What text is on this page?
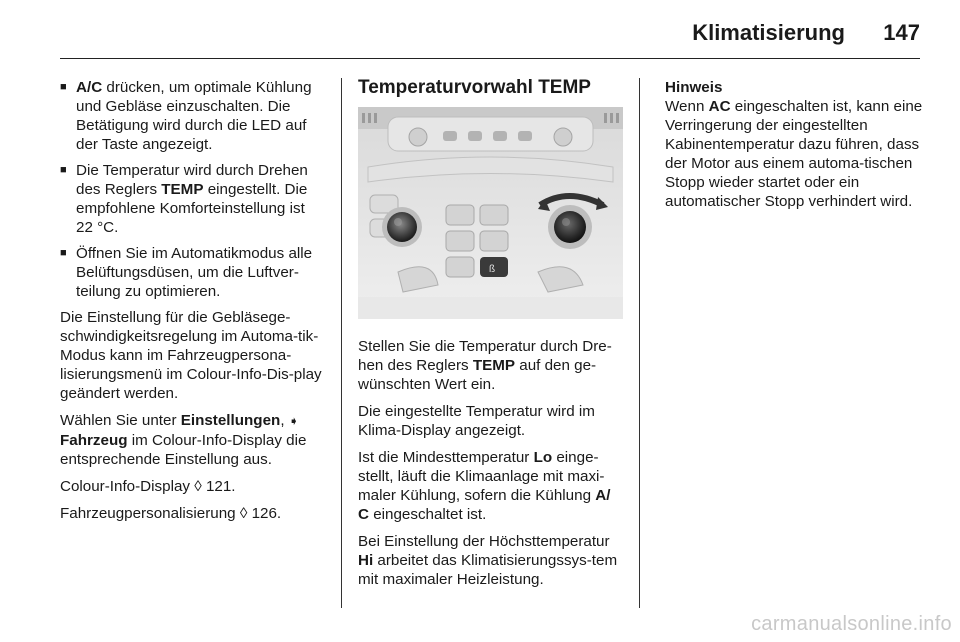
Klimatisierung 147
■ A/C drücken, um optimale Kühlung und Gebläse einzuschalten. Die Betätigung wird durch die LED auf der Taste angezeigt.
■ Die Temperatur wird durch Drehen des Reglers TEMP eingestellt. Die empfohlene Komforteinstellung ist 22 °C.
■ Öffnen Sie im Automatikmodus alle Belüftungsdüsen, um die Luftver-teilung zu optimieren.

Die Einstellung für die Gebläsege-schwindigkeitsregelung im Automa-tik-Modus kann im Fahrzeugpersona-lisierungsmenü im Colour-Info-Dis-play geändert werden.

Wählen Sie unter Einstellungen, ➧ Fahrzeug im Colour-Info-Display die entsprechende Einstellung aus.

Colour-Info-Display ◊ 121.

Fahrzeugpersonalisierung ◊ 126.

Temperaturvorwahl TEMP
ß

Stellen Sie die Temperatur durch Dre-hen des Reglers TEMP auf den ge-wünschten Wert ein.

Die eingestellte Temperatur wird im Klima-Display angezeigt.

Ist die Mindesttemperatur Lo einge-stellt, läuft die Klimaanlage mit maxi-maler Kühlung, sofern die Kühlung A/ C eingeschaltet ist.

Bei Einstellung der Höchsttemperatur Hi arbeitet das Klimatisierungssys-tem mit maximaler Heizleistung.

Hinweis

Wenn AC eingeschalten ist, kann eine Verringerung der eingestellten Kabinentemperatur dazu führen, dass der Motor aus einem automa-tischen Stopp wieder startet oder ein automatischer Stopp verhindert wird.

carmanualsonline.info
